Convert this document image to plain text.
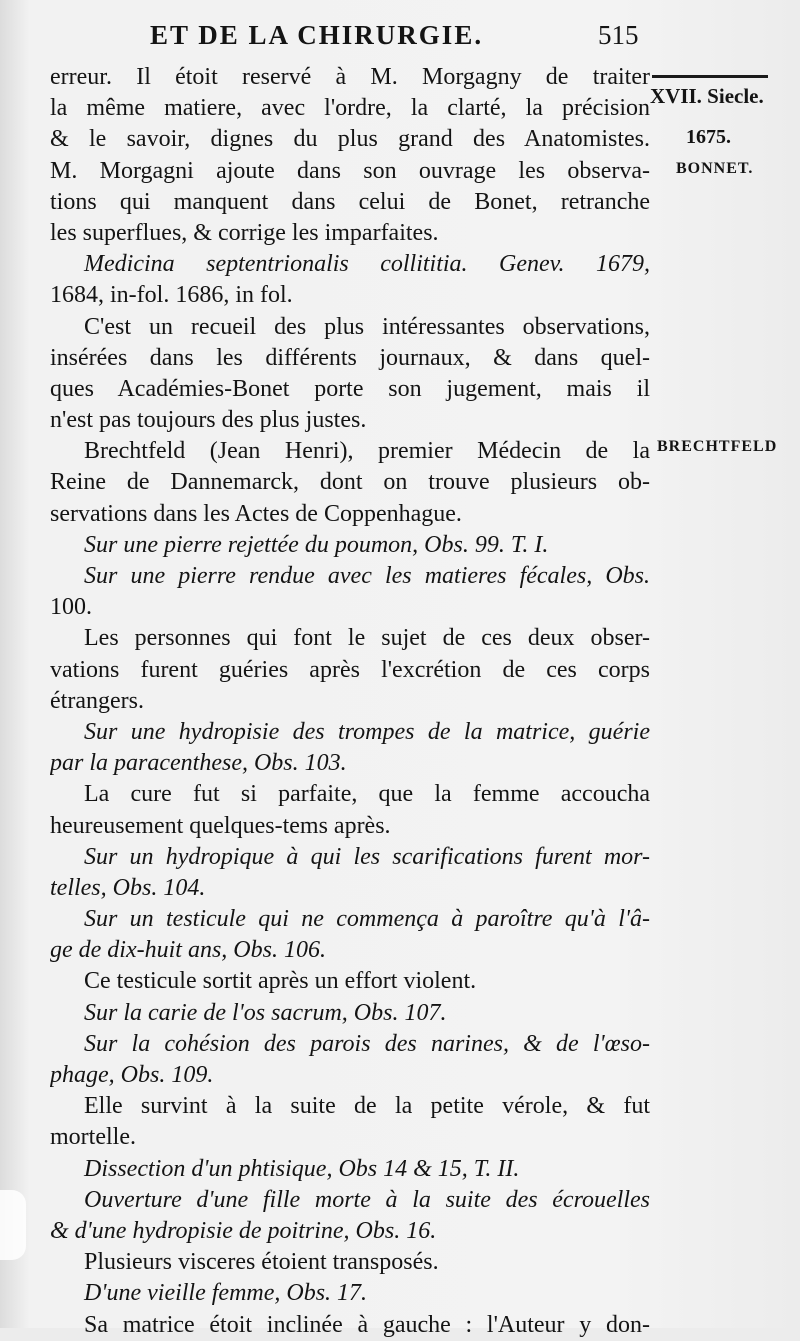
ET DE LA CHIRURGIE.	515
XVII. Siecle.
1675.
BONNET.
BRECHTFELD
erreur. Il étoit reservé à M. Morgagny de traiter
la même matiere, avec l'ordre, la clarté, la précision
& le savoir, dignes du plus grand des Anatomistes.
M. Morgagni ajoute dans son ouvrage les observa-
tions qui manquent dans celui de Bonet, retranche
les superflues, & corrige les imparfaites.
Medicina septentrionalis collititia. Genev. 1679,
1684, in-fol. 1686, in fol.
C'est un recueil des plus intéressantes observations,
insérées dans les différents journaux, & dans quel-
ques Académies-Bonet porte son jugement, mais il
n'est pas toujours des plus justes.
Brechtfeld (Jean Henri), premier Médecin de la
Reine de Dannemarck, dont on trouve plusieurs ob-
servations dans les Actes de Coppenhague.
Sur une pierre rejettée du poumon, Obs. 99. T. I.
Sur une pierre rendue avec les matieres fécales, Obs.
100.
Les personnes qui font le sujet de ces deux obser-
vations furent guéries après l'excrétion de ces corps
étrangers.
Sur une hydropisie des trompes de la matrice, guérie
par la paracenthese, Obs. 103.
La cure fut si parfaite, que la femme accoucha
heureusement quelques-tems après.
Sur un hydropique à qui les scarifications furent mor-
telles, Obs. 104.
Sur un testicule qui ne commença à paroître qu'à l'â-
ge de dix-huit ans, Obs. 106.
Ce testicule sortit après un effort violent.
Sur la carie de l'os sacrum, Obs. 107.
Sur la cohésion des parois des narines, & de l'œso-
phage, Obs. 109.
Elle survint à la suite de la petite vérole, & fut
mortelle.
Dissection d'un phtisique, Obs 14 & 15, T. II.
Ouverture d'une fille morte à la suite des écrouelles
& d'une hydropisie de poitrine, Obs. 16.
Plusieurs visceres étoient transposés.
D'une vieille femme, Obs. 17.
Sa matrice étoit inclinée à gauche : l'Auteur y don-
